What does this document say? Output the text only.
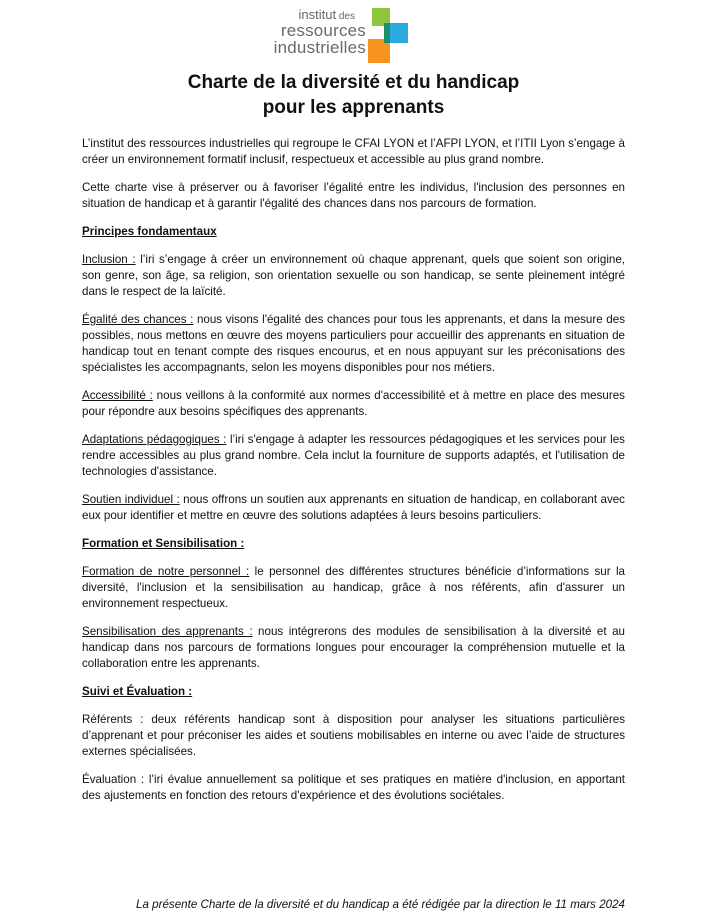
institut des
ressources
industrielles
Charte de la diversité et du handicap
pour les apprenants

L’institut des ressources industrielles qui regroupe le CFAI LYON et l’AFPI LYON, et l’ITII Lyon s’engage à créer un environnement formatif inclusif, respectueux et accessible au plus grand nombre.

Cette charte vise à préserver ou à favoriser l’égalité entre les individus, l'inclusion des personnes en situation de handicap et à garantir l'égalité des chances dans nos parcours de formation.

Principes fondamentaux

Inclusion : l’iri s’engage à créer un environnement où chaque apprenant, quels que soient son origine, son genre, son âge, sa religion, son orientation sexuelle ou son handicap, se sente pleinement intégré dans le respect de la laïcité.

Égalité des chances : nous visons l'égalité des chances pour tous les apprenants, et dans la mesure des possibles, nous mettons en œuvre des moyens particuliers pour accueillir des apprenants en situation de handicap tout en tenant compte des risques encourus, et en nous appuyant sur les préconisations des spécialistes les accompagnants, selon les moyens disponibles pour nos métiers.

Accessibilité : nous veillons à la conformité aux normes d'accessibilité et à mettre en place des mesures pour répondre aux besoins spécifiques des apprenants.

Adaptations pédagogiques : l’iri s'engage à adapter les ressources pédagogiques et les services pour les rendre accessibles au plus grand nombre. Cela inclut la fourniture de supports adaptés, et l'utilisation de technologies d'assistance.

Soutien individuel : nous offrons un soutien aux apprenants en situation de handicap, en collaborant avec eux pour identifier et mettre en œuvre des solutions adaptées à leurs besoins particuliers.

Formation et Sensibilisation :

Formation de notre personnel : le personnel des différentes structures bénéficie d’informations sur la diversité, l'inclusion et la sensibilisation au handicap, grâce à nos référents, afin d'assurer un environnement respectueux.

Sensibilisation des apprenants : nous intégrerons des modules de sensibilisation à la diversité et au handicap dans nos parcours de formations longues pour encourager la compréhension mutuelle et la collaboration entre les apprenants.

Suivi et Évaluation :

Référents : deux référents handicap sont à disposition pour analyser les situations particulières d’apprenant et pour préconiser les aides et soutiens mobilisables en interne ou avec l’aide de structures externes spécialisées.

Évaluation : l’iri évalue annuellement sa politique et ses pratiques en matière d'inclusion, en apportant des ajustements en fonction des retours d'expérience et des évolutions sociétales.

La présente Charte de la diversité et du handicap a été rédigée par la direction le 11 mars 2024
